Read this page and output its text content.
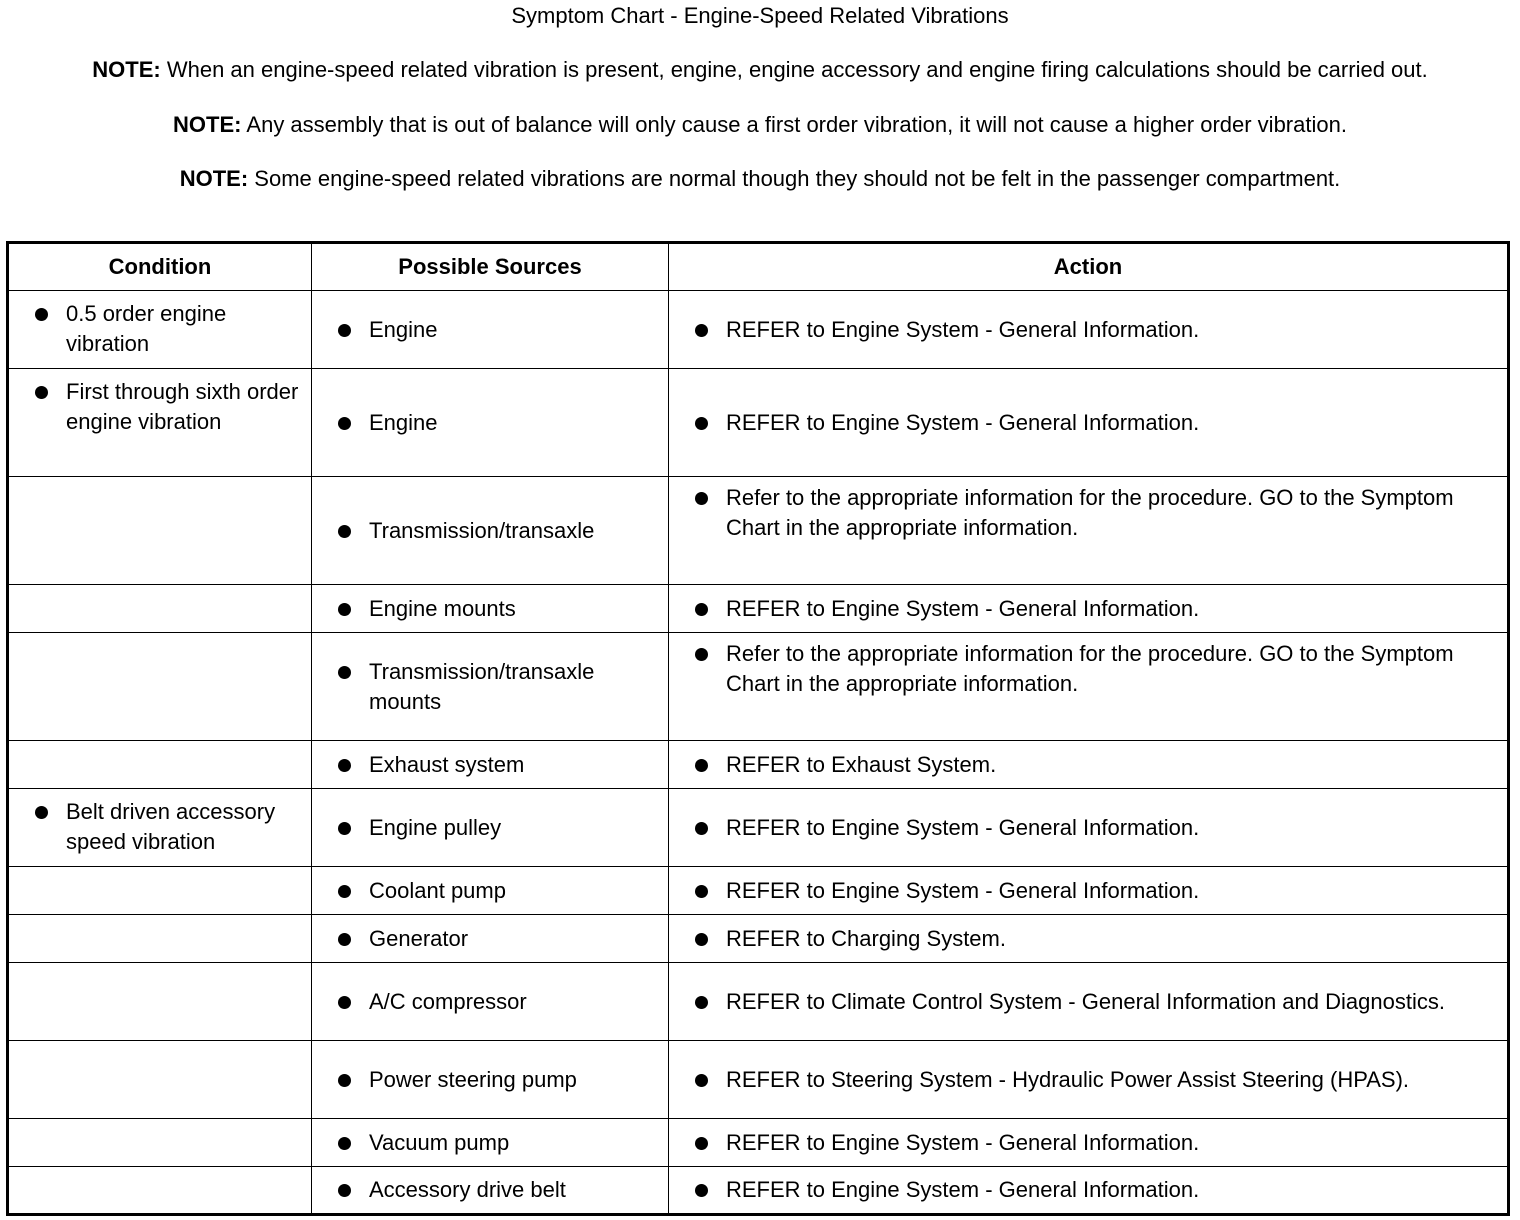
Symptom Chart - Engine-Speed Related Vibrations

NOTE: When an engine-speed related vibration is present, engine, engine accessory and engine firing calculations should be carried out.

NOTE: Any assembly that is out of balance will only cause a first order vibration, it will not cause a higher order vibration.

NOTE: Some engine-speed related vibrations are normal though they should not be felt in the passenger compartment.

Condition	Possible Sources	Action

0.5 order engine vibration	Engine	REFER to Engine System - General Information.

First through sixth order engine vibration	Engine	REFER to Engine System - General Information.

	Transmission/transaxle	Refer to the appropriate information for the procedure. GO to the Symptom Chart in the appropriate information.

	Engine mounts	REFER to Engine System - General Information.

	Transmission/transaxle mounts	Refer to the appropriate information for the procedure. GO to the Symptom Chart in the appropriate information.

	Exhaust system	REFER to Exhaust System.

Belt driven accessory speed vibration	Engine pulley	REFER to Engine System - General Information.

	Coolant pump	REFER to Engine System - General Information.

	Generator	REFER to Charging System.

	A/C compressor	REFER to Climate Control System - General Information and Diagnostics.

	Power steering pump	REFER to Steering System - Hydraulic Power Assist Steering (HPAS).

	Vacuum pump	REFER to Engine System - General Information.

	Accessory drive belt	REFER to Engine System - General Information.
